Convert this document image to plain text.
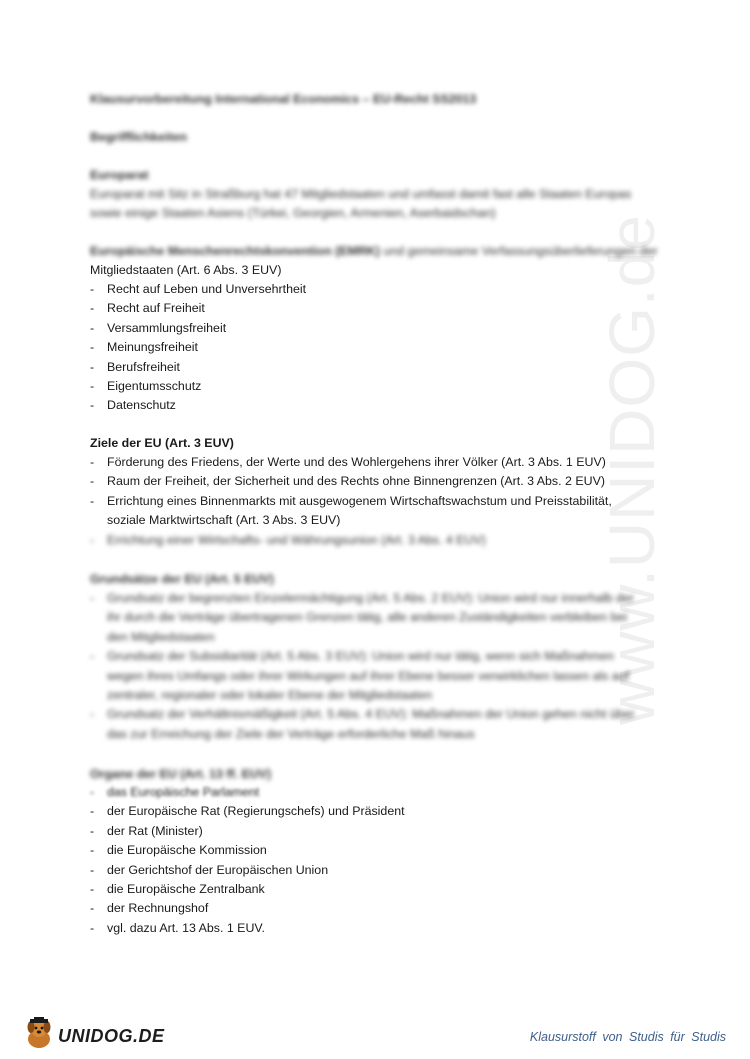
www.UNIDOG.de
Klausurvorbereitung International Economics – EU-Recht SS2013
Begrifflichkeiten
Europarat
Europarat mit Sitz in Straßburg hat 47 Mitgliedstaaten und umfasst damit fast alle Staaten Europas
sowie einige Staaten Asiens (Türkei, Georgien, Armenien, Aserbaidschan)
Europäische Menschenrechtskonvention (EMRK) und gemeinsame Verfassungsüberlieferungen der
Mitgliedstaaten (Art. 6 Abs. 3 EUV)
- Recht auf Leben und Unversehrtheit
- Recht auf Freiheit
- Versammlungsfreiheit
- Meinungsfreiheit
- Berufsfreiheit
- Eigentumsschutz
- Datenschutz
Ziele der EU (Art. 3 EUV)
- Förderung des Friedens, der Werte und des Wohlergehens ihrer Völker (Art. 3 Abs. 1 EUV)
- Raum der Freiheit, der Sicherheit und des Rechts ohne Binnengrenzen (Art. 3 Abs. 2 EUV)
- Errichtung eines Binnenmarkts mit ausgewogenem Wirtschaftswachstum und Preisstabilität,
soziale Marktwirtschaft (Art. 3 Abs. 3 EUV)
- Errichtung einer Wirtschafts- und Währungsunion (Art. 3 Abs. 4 EUV)
Grundsätze der EU (Art. 5 EUV)
- Grundsatz der begrenzten Einzelermächtigung (Art. 5 Abs. 2 EUV): Union wird nur innerhalb der
ihr durch die Verträge übertragenen Grenzen tätig, alle anderen Zuständigkeiten verbleiben bei
den Mitgliedstaaten
- Grundsatz der Subsidiarität (Art. 5 Abs. 3 EUV): Union wird nur tätig, wenn sich Maßnahmen
wegen ihres Umfangs oder ihrer Wirkungen auf ihrer Ebene besser verwirklichen lassen als auf
zentraler, regionaler oder lokaler Ebene der Mitgliedstaaten
- Grundsatz der Verhältnismäßigkeit (Art. 5 Abs. 4 EUV): Maßnahmen der Union gehen nicht über
das zur Erreichung der Ziele der Verträge erforderliche Maß hinaus
Organe der EU (Art. 13 ff. EUV)
- das Europäische Parlament
- der Europäische Rat (Regierungschefs) und Präsident
- der Rat (Minister)
- die Europäische Kommission
- der Gerichtshof der Europäischen Union
- die Europäische Zentralbank
- der Rechnungshof
- vgl. dazu Art. 13 Abs. 1 EUV.
UNIDOG.DE	Klausurstoff von Studis für Studis
